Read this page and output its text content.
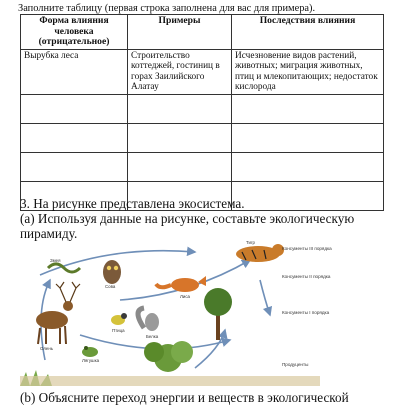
Заполните таблицу (первая строка заполнена для вас для примера).
Форма влияния человека (отрицательное)	Примеры	Последствия влияния
Вырубка леса	Строительство коттеджей, гостиниц в горах Заилийского Алатау	Исчезновение видов растений, животных; миграция животных, птиц и млекопитающих; недостаток кислорода

3. На рисунке представлена экосистема.
(a) Используя данные на рисунке, составьте экологическую пирамиду.
Консументы III порядка
Консументы II порядка
Консументы I порядка
Продуценты
Тигр
Сова
Змея
Лиса
Олень
Белка
Птица
Лягушка
(b) Объясните переход энергии и веществ в экологической
